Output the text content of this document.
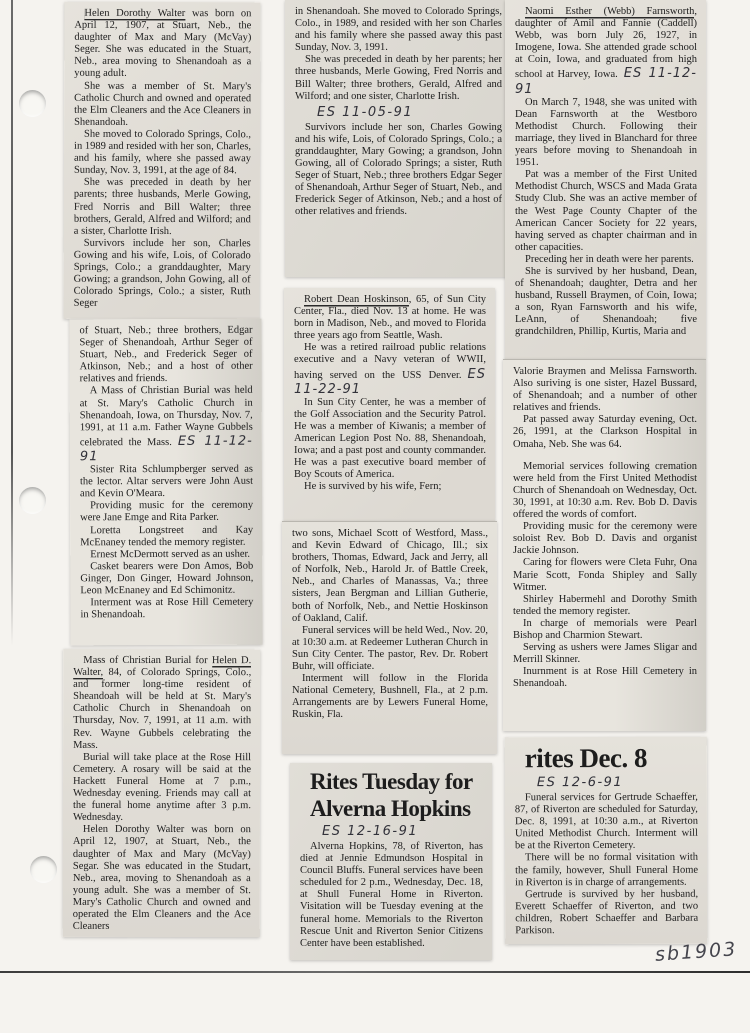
Helen Dorothy Walter was born on April 12, 1907, at Stuart, Neb., the daughter of Max and Mary (McVay) Seger. She was educated in the Stuart, Neb., area moving to Shenandoah as a young adult.

She was a member of St. Mary's Catholic Church and owned and operated the Elm Cleaners and the Ace Cleaners in Shenandoah.

She moved to Colorado Springs, Colo., in 1989 and resided with her son, Charles, and his family, where she passed away Sunday, Nov. 3, 1991, at the age of 84.

She was preceded in death by her parents; three husbands, Merle Gowing, Fred Norris and Bill Walter; three brothers, Gerald, Alfred and Wilford; and a sister, Charlotte Irish.

Survivors include her son, Charles Gowing and his wife, Lois, of Colorado Springs, Colo.; a granddaughter, Mary Gowing; a grandson, John Gowing, all of Colorado Springs, Colo.; a sister, Ruth Seger

of Stuart, Neb.; three brothers, Edgar Seger of Shenandoah, Arthur Seger of Stuart, Neb., and Frederick Seger of Atkinson, Neb.; and a host of other relatives and friends.

A Mass of Christian Burial was held at St. Mary's Catholic Church in Shenandoah, Iowa, on Thursday, Nov. 7, 1991, at 11 a.m. Father Wayne Gubbels celebrated the Mass. ES 11-12-91

Sister Rita Schlumpberger served as the lector. Altar servers were John Aust and Kevin O'Meara.

Providing music for the ceremony were Jane Emge and Rita Parker.

Loretta Longstreet and Kay McEnaney tended the memory register.

Ernest McDermott served as an usher.

Casket bearers were Don Amos, Bob Ginger, Don Ginger, Howard Johnson, Leon McEnaney and Ed Schimonitz.

Interment was at Rose Hill Cemetery in Shenandoah.

Mass of Christian Burial for Helen D. Walter, 84, of Colorado Springs, Colo., and former long-time resident of Sheandoah will be held at St. Mary's Catholic Church in Shenandoah on Thursday, Nov. 7, 1991, at 11 a.m. with Rev. Wayne Gubbels celebrating the Mass.

Burial will take place at the Rose Hill Cemetery. A rosary will be said at the Hackett Funeral Home at 7 p.m., Wednesday evening. Friends may call at the funeral home anytime after 3 p.m. Wednesday.

Helen Dorothy Walter was born on April 12, 1907, at Stuart, Neb., the daughter of Max and Mary (McVay) Segar. She was educated in the Studart, Neb., area, moving to Shenandoah as a young adult. She was a member of St. Mary's Catholic Church and owned and operated the Elm Cleaners and the Ace Cleaners

in Shenandoah. She moved to Colorado Springs, Colo., in 1989, and resided with her son Charles and his family where she passed away this past Sunday, Nov. 3, 1991.

She was preceded in death by her parents; her three husbands, Merle Gowing, Fred Norris and Bill Walter; three brothers, Gerald, Alfred and Wilford; and one sister, Charlotte Irish.

ES 11-05-91

Survivors include her son, Charles Gowing and his wife, Lois, of Colorado Springs, Colo.; a granddaughter, Mary Gowing; a grandson, John Gowing, all of Colorado Springs; a sister, Ruth Seger of Stuart, Neb.; three brothers Edgar Seger of Shenandoah, Arthur Seger of Stuart, Neb., and Frederick Seger of Atkinson, Neb.; and a host of other relatives and friends.

Robert Dean Hoskinson, 65, of Sun City Center, Fla., died Nov. 13 at home. He was born in Madison, Neb., and moved to Florida three years ago from Seattle, Wash.

He was a retired railroad public relations executive and a Navy veteran of WWII, having served on the USS Denver. ES 11-22-91

In Sun City Center, he was a member of the Golf Association and the Security Patrol. He was a member of Kiwanis; a member of American Legion Post No. 88, Shenandoah, Iowa; and a past post and county commander. He was a past executive board member of Boy Scouts of America.

He is survived by his wife, Fern;

two sons, Michael Scott of Westford, Mass., and Kevin Edward of Chicago, Ill.; six brothers, Thomas, Edward, Jack and Jerry, all of Norfolk, Neb., Harold Jr. of Battle Creek, Neb., and Charles of Manassas, Va.; three sisters, Jean Bergman and Lillian Gutherie, both of Norfolk, Neb., and Nettie Hoskinson of Oakland, Calif.

Funeral services will be held Wed., Nov. 20, at 10:30 a.m. at Redeemer Lutheran Church in Sun City Center. The pastor, Rev. Dr. Robert Buhr, will officiate.

Interment will follow in the Florida National Cemetery, Bushnell, Fla., at 2 p.m. Arrangements are by Lewers Funeral Home, Ruskin, Fla.

Rites Tuesday for

Alverna Hopkins

ES 12-16-91

Alverna Hopkins, 78, of Riverton, has died at Jennie Edmundson Hospital in Council Bluffs. Funeral services have been scheduled for 2 p.m., Wednesday, Dec. 18, at Shull Funeral Home in Riverton. Visitation will be Tuesday evening at the funeral home. Memorials to the Riverton Rescue Unit and Riverton Senior Citizens Center have been established.

Naomi Esther (Webb) Farnsworth, daughter of Amil and Fannie (Caddell) Webb, was born July 26, 1927, in Imogene, Iowa. She attended grade school at Coin, Iowa, and graduated from high school at Harvey, Iowa. ES 11-12-91

On March 7, 1948, she was united with Dean Farnsworth at the Westboro Methodist Church. Following their marriage, they lived in Blanchard for three years before moving to Shenandoah in 1951.

Pat was a member of the First United Methodist Church, WSCS and Mada Grata Study Club. She was an active member of the West Page County Chapter of the American Cancer Society for 22 years, having served as chapter chairman and in other capacities.

Preceding her in death were her parents.

She is survived by her husband, Dean, of Shenandoah; daughter, Detra and her husband, Russell Braymen, of Coin, Iowa; a son, Ryan Farnsworth and his wife, LeAnn, of Shenandoah; five grandchildren, Phillip, Kurtis, Maria and

Valorie Braymen and Melissa Farnsworth. Also suriving is one sister, Hazel Bussard, of Shenandoah; and a number of other relatives and friends.

Pat passed away Saturday evening, Oct. 26, 1991, at the Clarkson Hospital in Omaha, Neb. She was 64.

Memorial services following cremation were held from the First United Methodist Church of Shenandoah on Wednesday, Oct. 30, 1991, at 10:30 a.m. Rev. Bob D. Davis offered the words of comfort.

Providing music for the ceremony were soloist Rev. Bob D. Davis and organist Jackie Johnson.

Caring for flowers were Cleta Fuhr, Ona Marie Scott, Fonda Shipley and Sally Witmer.

Shirley Habermehl and Dorothy Smith tended the memory register.

In charge of memorials were Pearl Bishop and Charmion Stewart.

Serving as ushers were James Sligar and Merrill Skinner.

Inurnment is at Rose Hill Cemetery in Shenandoah.

rites Dec. 8

ES 12-6-91

Funeral services for Gertrude Schaeffer, 87, of Riverton are scheduled for Saturday, Dec. 8, 1991, at 10:30 a.m., at Riverton United Methodist Church. Interment will be at the Riverton Cemetery.

There will be no formal visitation with the family, however, Shull Funeral Home in Riverton is in charge of arrangements.

Gertrude is survived by her husband, Everett Schaeffer of Riverton, and two children, Robert Schaeffer and Barbara Parkison.

sb1903
